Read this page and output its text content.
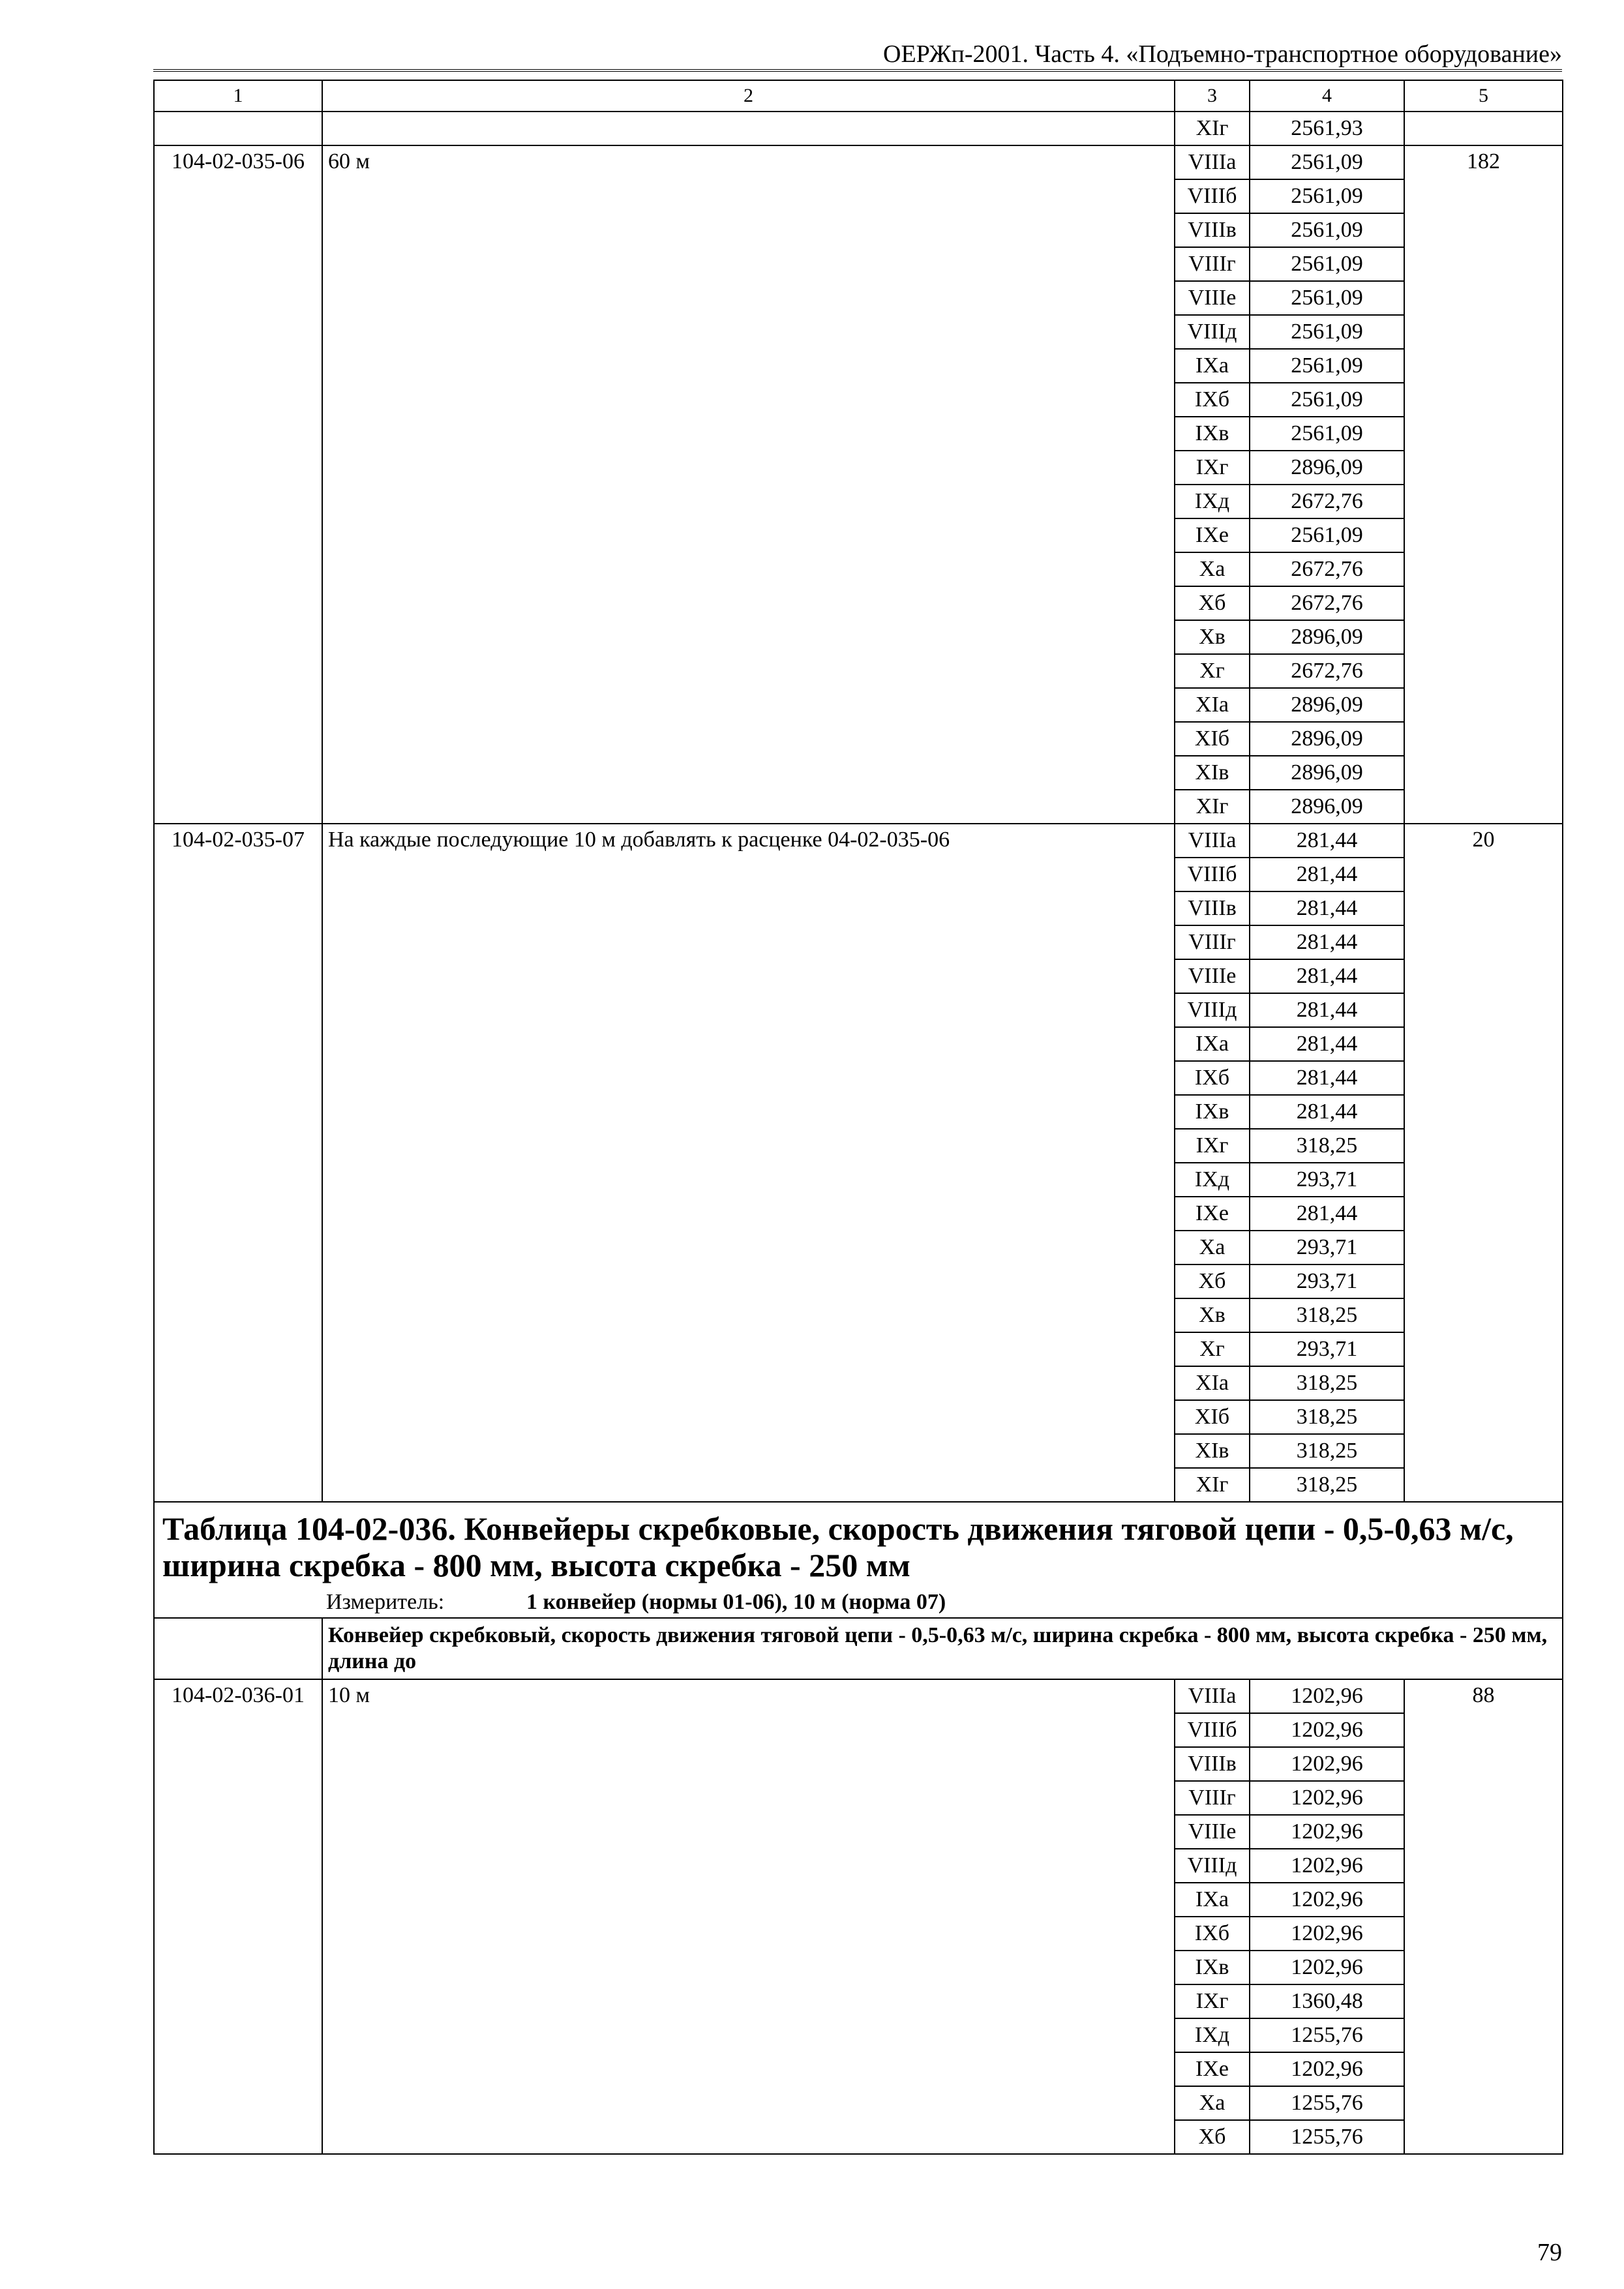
ОЕРЖп-2001. Часть 4. «Подъемно-транспортное оборудование»
1	2	3	4	5
		XIг	2561,93	
104-02-035-06	60 м	VIIIа	2561,09	182
		VIIIб	2561,09	
		VIIIв	2561,09	
		VIIIг	2561,09	
		VIIIе	2561,09	
		VIIIд	2561,09	
		IXа	2561,09	
		IXб	2561,09	
		IXв	2561,09	
		IXг	2896,09	
		IXд	2672,76	
		IXе	2561,09	
		Xа	2672,76	
		Xб	2672,76	
		Xв	2896,09	
		Xг	2672,76	
		XIа	2896,09	
		XIб	2896,09	
		XIв	2896,09	
		XIг	2896,09	
104-02-035-07	На каждые последующие 10 м добавлять к расценке 04-02-035-06	VIIIа	281,44	20
		VIIIб	281,44	
		VIIIв	281,44	
		VIIIг	281,44	
		VIIIе	281,44	
		VIIIд	281,44	
		IXа	281,44	
		IXб	281,44	
		IXв	281,44	
		IXг	318,25	
		IXд	293,71	
		IXе	281,44	
		Xа	293,71	
		Xб	293,71	
		Xв	318,25	
		Xг	293,71	
		XIа	318,25	
		XIб	318,25	
		XIв	318,25	
		XIг	318,25	

Таблица 104-02-036. Конвейеры скребковые, скорость движения тяговой цепи - 0,5-0,63 м/с, ширина скребка - 800 мм, высота скребка - 250 мм				

Измеритель: 1 конвейер (нормы 01-06), 10 м (норма 07)				

	Конвейер скребковый, скорость движения тяговой цепи - 0,5-0,63 м/с, ширина скребка - 800 мм, высота скребка - 250 мм, длина до			
104-02-036-01	10 м	VIIIа	1202,96	88
		VIIIб	1202,96	
		VIIIв	1202,96	
		VIIIг	1202,96	
		VIIIе	1202,96	
		VIIIд	1202,96	
		IXа	1202,96	
		IXб	1202,96	
		IXв	1202,96	
		IXг	1360,48	
		IXд	1255,76	
		IXе	1202,96	
		Xа	1255,76	
		Xб	1255,76	
79
